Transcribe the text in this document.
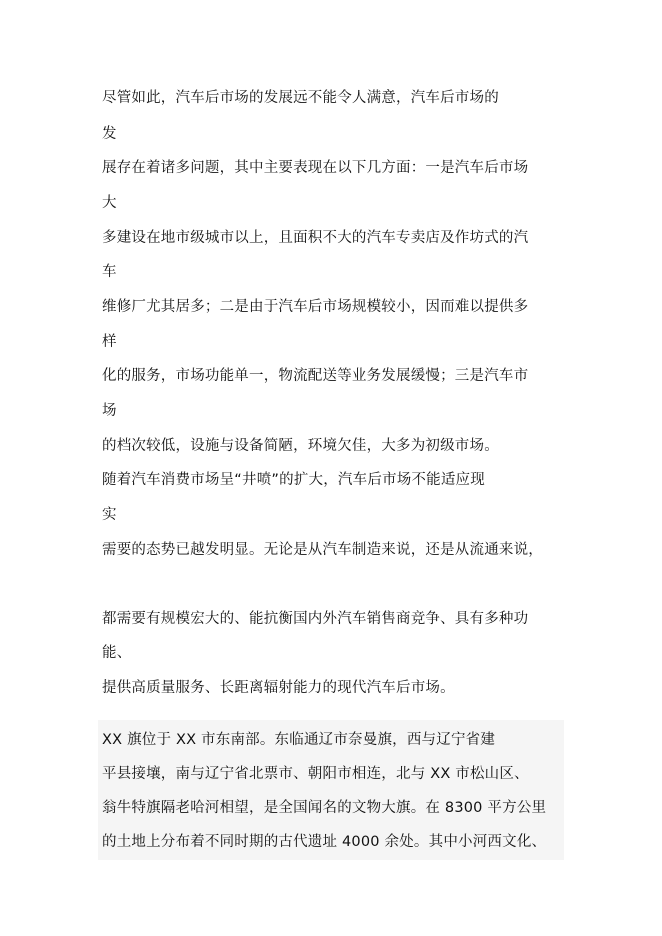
尽管如此，汽车后市场的发展远不能令人满意，汽车后市场的
发
展存在着诸多问题，其中主要表现在以下几方面：一是汽车后市场
大
多建设在地市级城市以上，且面积不大的汽车专卖店及作坊式的汽
车
维修厂尤其居多；二是由于汽车后市场规模较小，因而难以提供多
样
化的服务，市场功能单一，物流配送等业务发展缓慢；三是汽车市
场
的档次较低，设施与设备简陋，环境欠佳，大多为初级市场。
随着汽车消费市场呈“井喷”的扩大，汽车后市场不能适应现
实
需要的态势已越发明显。无论是从汽车制造来说，还是从流通来说，
都需要有规模宏大的、能抗衡国内外汽车销售商竞争、具有多种功
能、
提供高质量服务、长距离辐射能力的现代汽车后市场。
XX 旗位于 XX 市东南部。东临通辽市奈曼旗，西与辽宁省建
平县接壤，南与辽宁省北票市、朝阳市相连，北与 XX 市松山区、
翁牛特旗隔老哈河相望，是全国闻名的文物大旗。在 8300 平方公里
的土地上分布着不同时期的古代遗址 4000 余处。其中小河西文化、
